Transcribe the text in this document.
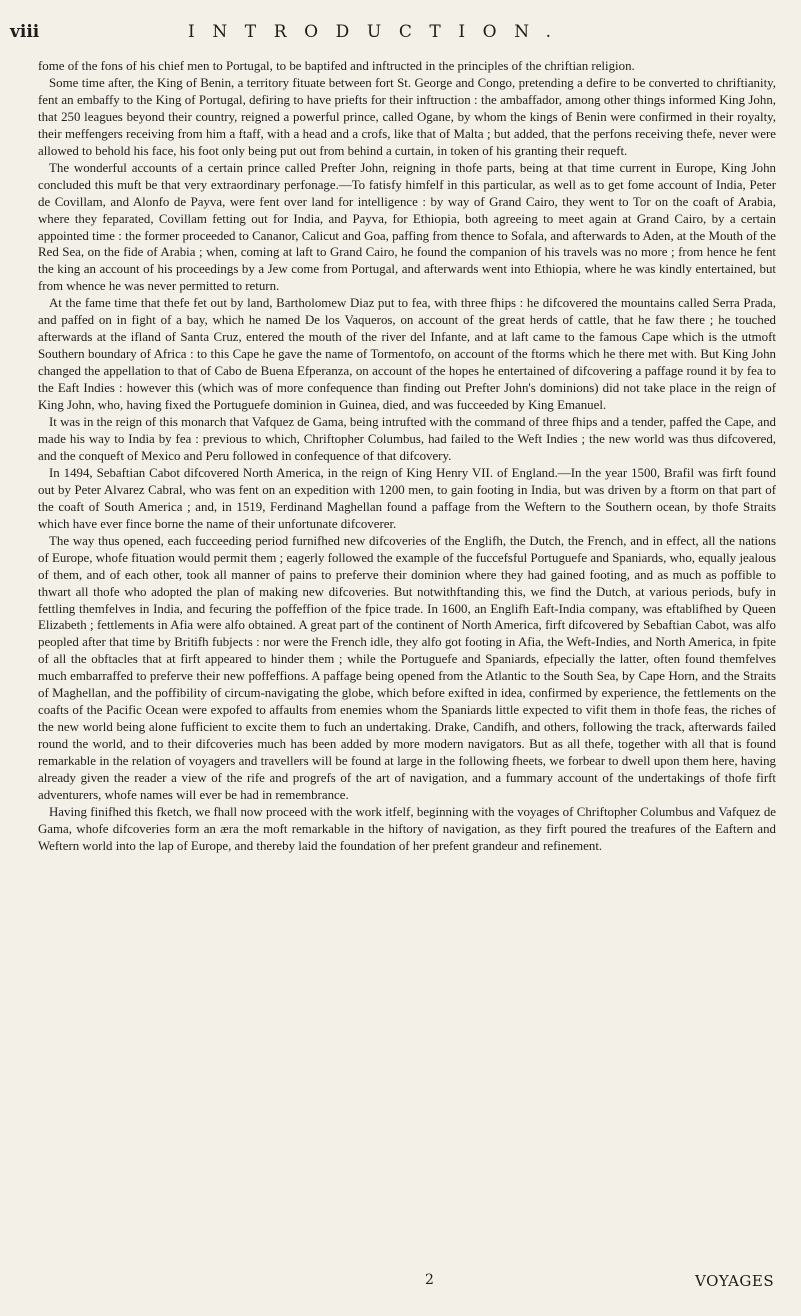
viii	INTRODUCTION.

fome of the fons of his chief men to Portugal, to be baptifed and inftructed in the principles of the chriftian religion.

Some time after, the King of Benin, a territory fituate between fort St. George and Congo, pretending a defire to be converted to chriftianity, fent an embaffy to the King of Portugal, defiring to have priefts for their inftruction : the ambaffador, among other things informed King John, that 250 leagues beyond their country, reigned a powerful prince, called Ogane, by whom the kings of Benin were confirmed in their royalty, their meffengers receiving from him a ftaff, with a head and a crofs, like that of Malta ; but added, that the perfons receiving thefe, never were allowed to behold his face, his foot only being put out from behind a curtain, in token of his granting their requeft.

The wonderful accounts of a certain prince called Prefter John, reigning in thofe parts, being at that time current in Europe, King John concluded this muft be that very extraordinary perfonage.—To fatisfy himfelf in this particular, as well as to get fome account of India, Peter de Covillam, and Alonfo de Payva, were fent over land for intelligence : by way of Grand Cairo, they went to Tor on the coaft of Arabia, where they feparated, Covillam fetting out for India, and Payva, for Ethiopia, both agreeing to meet again at Grand Cairo, by a certain appointed time : the former proceeded to Cananor, Calicut and Goa, paffing from thence to Sofala, and afterwards to Aden, at the Mouth of the Red Sea, on the fide of Arabia ; when, coming at laft to Grand Cairo, he found the companion of his travels was no more ; from hence he fent the king an account of his proceedings by a Jew come from Portugal, and afterwards went into Ethiopia, where he was kindly entertained, but from whence he was never permitted to return.

At the fame time that thefe fet out by land, Bartholomew Diaz put to fea, with three fhips : he difcovered the mountains called Serra Prada, and paffed on in fight of a bay, which he named De los Vaqueros, on account of the great herds of cattle, that he faw there ; he touched afterwards at the ifland of Santa Cruz, entered the mouth of the river del Infante, and at laft came to the famous Cape which is the utmoft Southern boundary of Africa : to this Cape he gave the name of Tormentofo, on account of the ftorms which he there met with. But King John changed the appellation to that of Cabo de Buena Efperanza, on account of the hopes he entertained of difcovering a paffage round it by fea to the Eaft Indies : however this (which was of more confequence than finding out Prefter John's dominions) did not take place in the reign of King John, who, having fixed the Portuguefe dominion in Guinea, died, and was fucceeded by King Emanuel.

It was in the reign of this monarch that Vafquez de Gama, being intrufted with the command of three fhips and a tender, paffed the Cape, and made his way to India by fea : previous to which, Chriftopher Columbus, had failed to the Weft Indies ; the new world was thus difcovered, and the conqueft of Mexico and Peru followed in confequence of that difcovery.

In 1494, Sebaftian Cabot difcovered North America, in the reign of King Henry VII. of England.—In the year 1500, Brafil was firft found out by Peter Alvarez Cabral, who was fent on an expedition with 1200 men, to gain footing in India, but was driven by a ftorm on that part of the coaft of South America ; and, in 1519, Ferdinand Maghellan found a paffage from the Weftern to the Southern ocean, by thofe Straits which have ever fince borne the name of their unfortunate difcoverer.

The way thus opened, each fucceeding period furnifhed new difcoveries of the Englifh, the Dutch, the French, and in effect, all the nations of Europe, whofe fituation would permit them ; eagerly followed the example of the fuccefsful Portuguefe and Spaniards, who, equally jealous of them, and of each other, took all manner of pains to preferve their dominion where they had gained footing, and as much as poffible to thwart all thofe who adopted the plan of making new difcoveries. But notwithftanding this, we find the Dutch, at various periods, bufy in fettling themfelves in India, and fecuring the poffeffion of the fpice trade. In 1600, an Englifh Eaft-India company, was eftablifhed by Queen Elizabeth ; fettlements in Afia were alfo obtained. A great part of the continent of North America, firft difcovered by Sebaftian Cabot, was alfo peopled after that time by Britifh fubjects : nor were the French idle, they alfo got footing in Afia, the Weft-Indies, and North America, in fpite of all the obftacles that at firft appeared to hinder them ; while the Portuguefe and Spaniards, efpecially the latter, often found themfelves much embarraffed to preferve their new poffeffions. A paffage being opened from the Atlantic to the South Sea, by Cape Horn, and the Straits of Maghellan, and the poffibility of circum-navigating the globe, which before exifted in idea, confirmed by experience, the fettlements on the coafts of the Pacific Ocean were expofed to affaults from enemies whom the Spaniards little expected to vifit them in thofe feas, the riches of the new world being alone fufficient to excite them to fuch an undertaking. Drake, Candifh, and others, following the track, afterwards failed round the world, and to their difcoveries much has been added by more modern navigators. But as all thefe, together with all that is found remarkable in the relation of voyagers and travellers will be found at large in the following fheets, we forbear to dwell upon them here, having already given the reader a view of the rife and progrefs of the art of navigation, and a fummary account of the undertakings of thofe firft adventurers, whofe names will ever be had in remembrance.

Having finifhed this fketch, we fhall now proceed with the work itfelf, beginning with the voyages of Chriftopher Columbus and Vafquez de Gama, whofe difcoveries form an æra the moft remarkable in the hiftory of navigation, as they firft poured the treafures of the Eaftern and Weftern world into the lap of Europe, and thereby laid the foundation of her prefent grandeur and refinement.

2	VOYAGES
